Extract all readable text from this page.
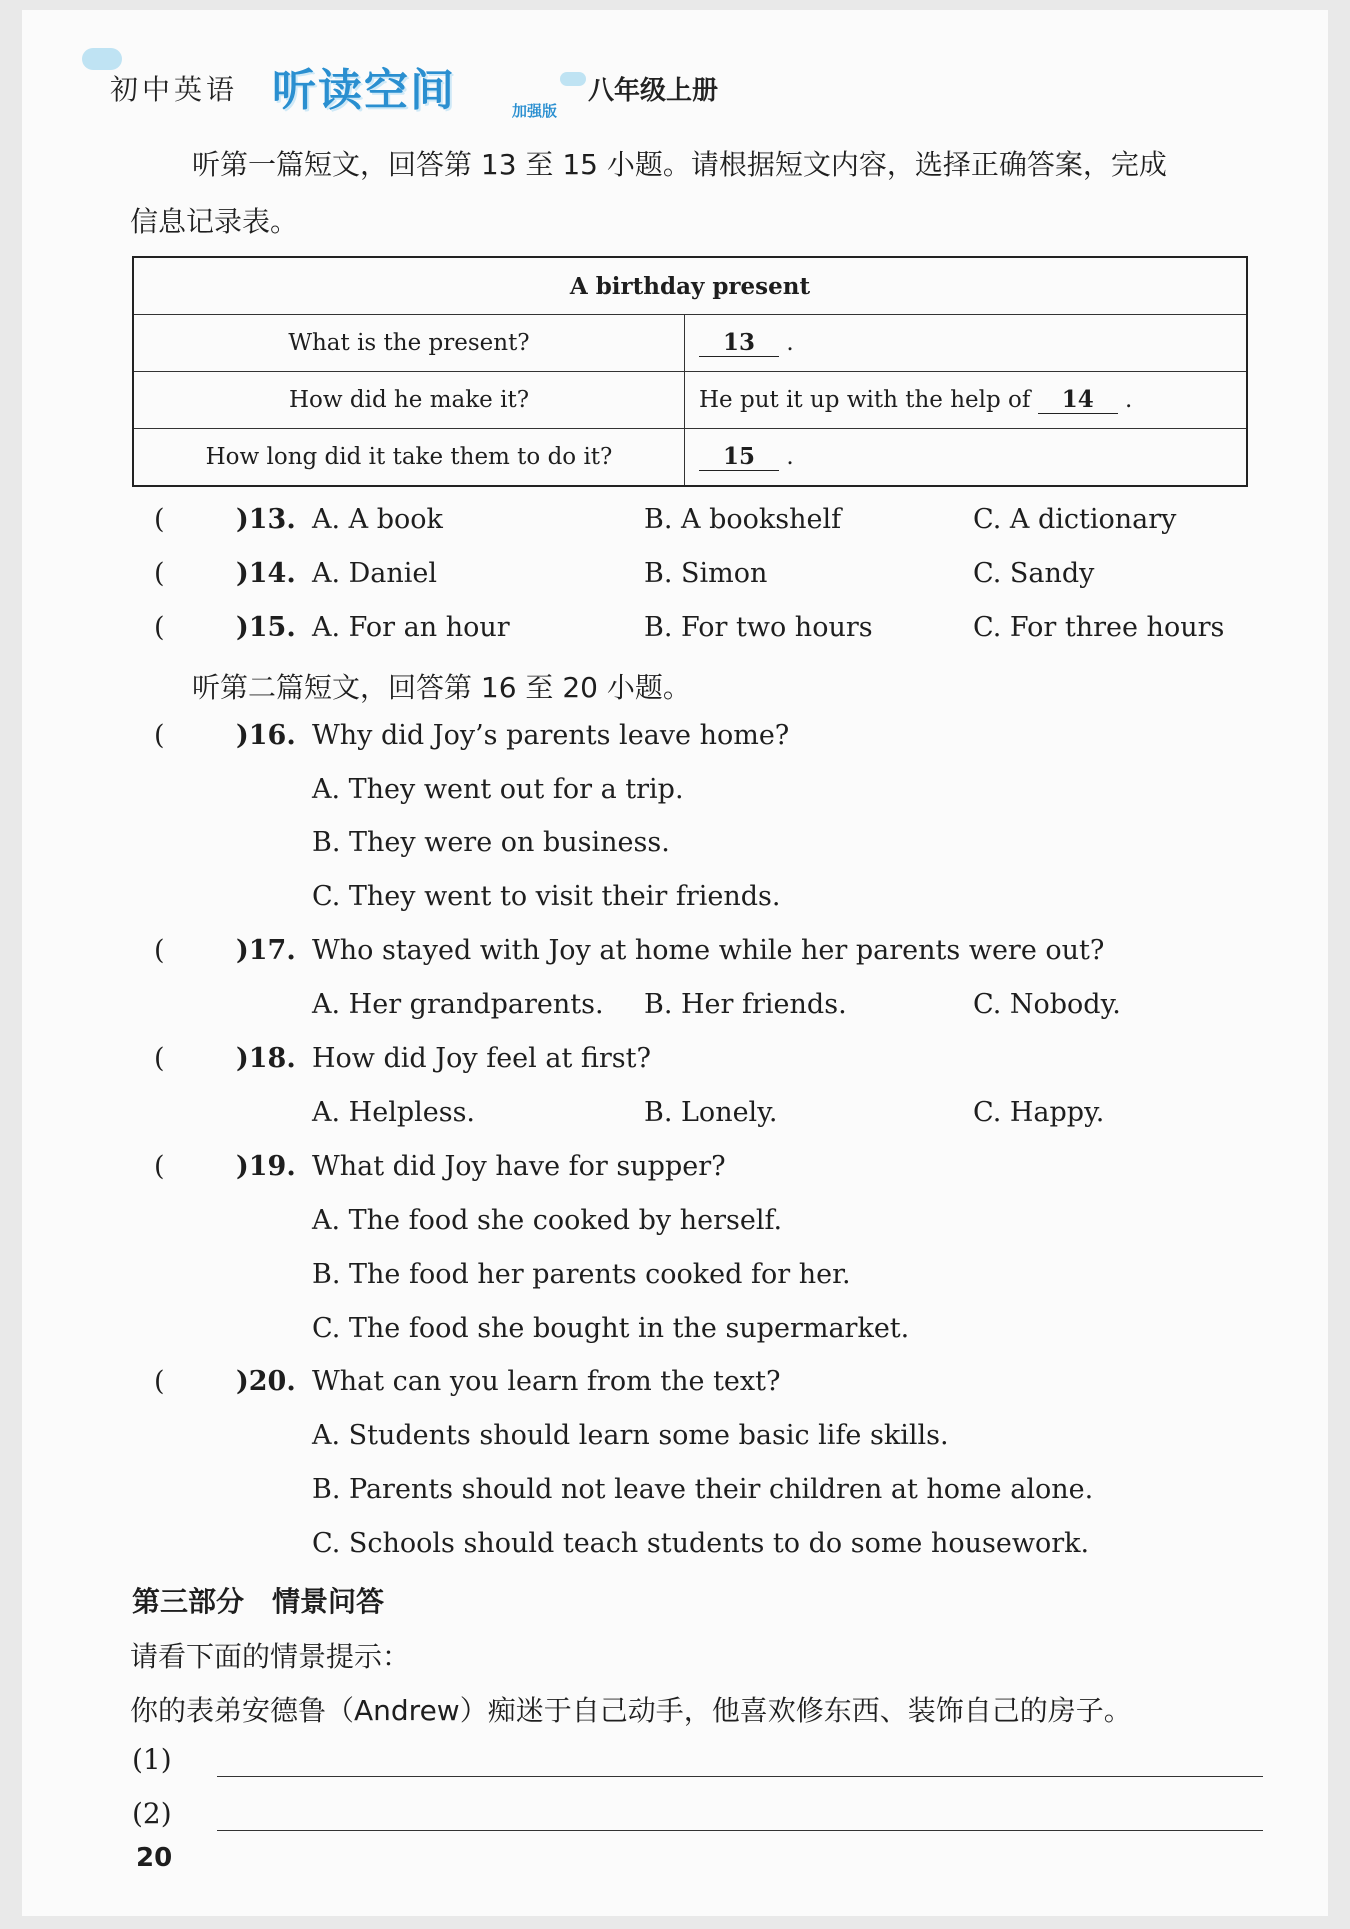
初中英语 听读空间	加强版
八年级上册
听第一篇短文，回答第 13 至 15 小题。请根据短文内容，选择正确答案，完成
信息记录表。
A birthday present	
What is the present?	13 .
How did he make it?	He put it up with the help of 14 .
How long did it take them to do it?	15 .
(	)13. A. A book	B. A bookshelf	C. A dictionary
(	)14. A. Daniel	B. Simon	C. Sandy
(	)15. A. For an hour	B. For two hours	C. For three hours
听第二篇短文，回答第 16 至 20 小题。
(	)16. Why did Joy’s parents leave home?
A. They went out for a trip.
B. They were on business.
C. They went to visit their friends.
(	)17. Who stayed with Joy at home while her parents were out?
A. Her grandparents. B. Her friends.	C. Nobody.
(	)18. How did Joy feel at first?
A. Helpless.	B. Lonely.	C. Happy.
(	)19. What did Joy have for supper?
A. The food she cooked by herself.
B. The food her parents cooked for her.
C. The food she bought in the supermarket.
(	)20. What can you learn from the text?
A. Students should learn some basic life skills.
B. Parents should not leave their children at home alone.
C. Schools should teach students to do some housework.
第三部分　情景问答
请看下面的情景提示：
你的表弟安德鲁（Andrew）痴迷于自己动手，他喜欢修东西、装饰自己的房子。
(1)
(2)
20
